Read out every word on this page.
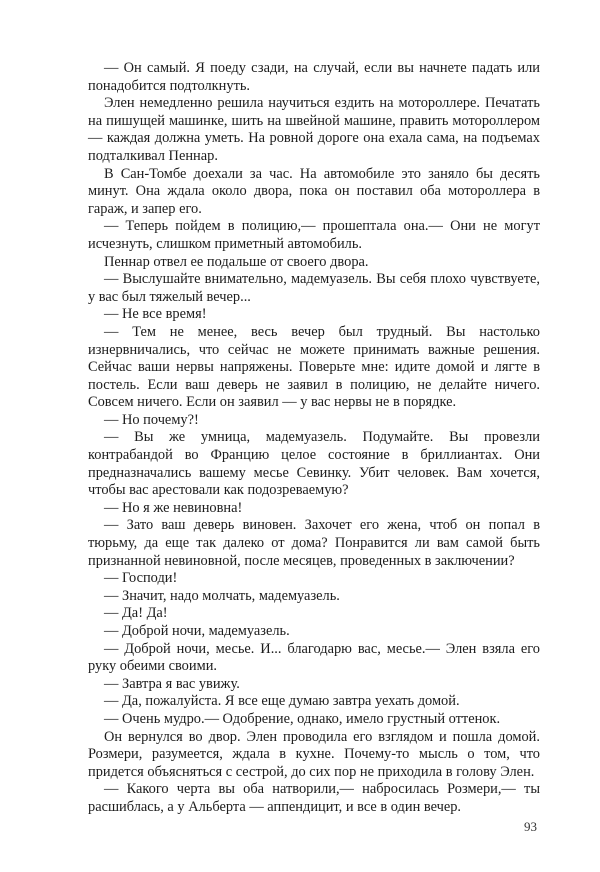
— Он самый. Я поеду сзади, на случай, если вы начнете падать или понадобится подтолкнуть.

Элен немедленно решила научиться ездить на мотороллере. Печатать на пишущей машинке, шить на швейной машине, править мотороллером — каждая должна уметь. На ровной дороге она ехала сама, на подъемах подталкивал Пеннар.

В Сан-Томбе доехали за час. На автомобиле это заняло бы десять минут. Она ждала около двора, пока он поставил оба мотороллера в гараж, и запер его.

— Теперь пойдем в полицию,— прошептала она.— Они не могут исчезнуть, слишком приметный автомобиль.

Пеннар отвел ее подальше от своего двора.

— Выслушайте внимательно, мадемуазель. Вы себя плохо чувствуете, у вас был тяжелый вечер...

— Не все время!

— Тем не менее, весь вечер был трудный. Вы настолько изнервничались, что сейчас не можете принимать важные решения. Сейчас ваши нервы напряжены. Поверьте мне: идите домой и лягте в постель. Если ваш деверь не заявил в полицию, не делайте ничего. Совсем ничего. Если он заявил — у вас нервы не в порядке.

— Но почему?!

— Вы же умница, мадемуазель. Подумайте. Вы провезли контрабандой во Францию целое состояние в бриллиантах. Они предназначались вашему месье Севинку. Убит человек. Вам хочется, чтобы вас арестовали как подозреваемую?

— Но я же невиновна!

— Зато ваш деверь виновен. Захочет его жена, чтоб он попал в тюрьму, да еще так далеко от дома? Понравится ли вам самой быть признанной невиновной, после месяцев, проведенных в заключении?

— Господи!

— Значит, надо молчать, мадемуазель.

— Да! Да!

— Доброй ночи, мадемуазель.

— Доброй ночи, месье. И... благодарю вас, месье.— Элен взяла его руку обеими своими.

— Завтра я вас увижу.

— Да, пожалуйста. Я все еще думаю завтра уехать домой.

— Очень мудро.— Одобрение, однако, имело грустный оттенок.

Он вернулся во двор. Элен проводила его взглядом и пошла домой. Розмери, разумеется, ждала в кухне. Почему-то мысль о том, что придется объясняться с сестрой, до сих пор не приходила в голову Элен.

— Какого черта вы оба натворили,— набросилась Розмери,— ты расшиблась, а у Альберта — аппендицит, и все в один вечер.

93
